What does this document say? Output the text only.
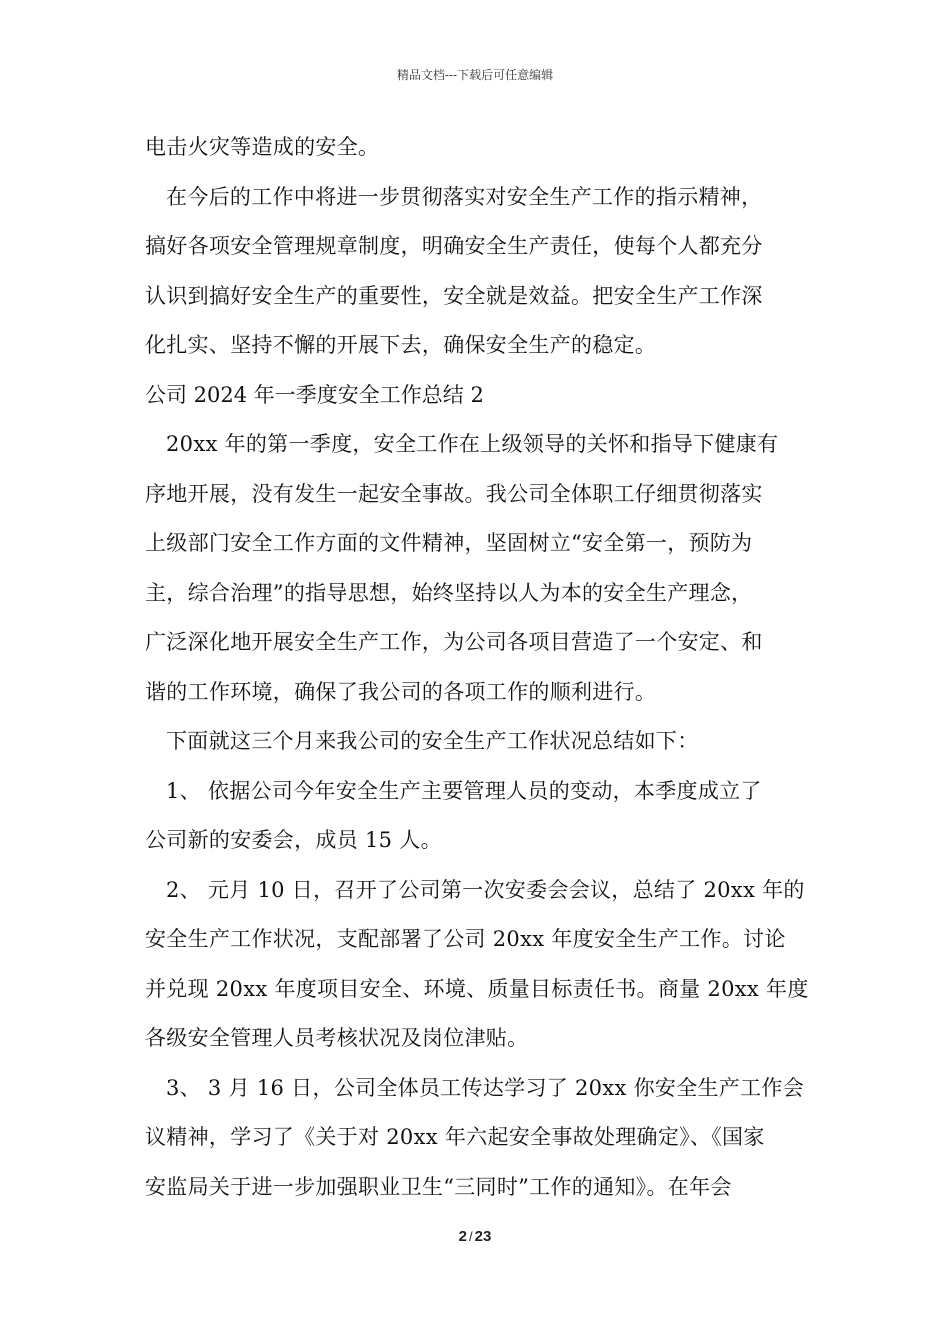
精品文档---下载后可任意编辑
电击火灾等造成的安全。
在今后的工作中将进一步贯彻落实对安全生产工作的指示精神，
搞好各项安全管理规章制度，明确安全生产责任，使每个人都充分
认识到搞好安全生产的重要性，安全就是效益。把安全生产工作深
化扎实、坚持不懈的开展下去，确保安全生产的稳定。
公司 2024 年一季度安全工作总结 2
20xx 年的第一季度，安全工作在上级领导的关怀和指导下健康有
序地开展，没有发生一起安全事故。我公司全体职工仔细贯彻落实
上级部门安全工作方面的文件精神，坚固树立“安全第一，预防为
主，综合治理”的指导思想，始终坚持以人为本的安全生产理念，
广泛深化地开展安全生产工作，为公司各项目营造了一个安定、和
谐的工作环境，确保了我公司的各项工作的顺利进行。
下面就这三个月来我公司的安全生产工作状况总结如下：
1、 依据公司今年安全生产主要管理人员的变动，本季度成立了
公司新的安委会，成员 15 人。
2、 元月 10 日，召开了公司第一次安委会会议，总结了 20xx 年的
安全生产工作状况，支配部署了公司 20xx 年度安全生产工作。讨论
并兑现 20xx 年度项目安全、环境、质量目标责任书。商量 20xx 年度
各级安全管理人员考核状况及岗位津贴。
3、 3 月 16 日，公司全体员工传达学习了 20xx 你安全生产工作会
议精神，学习了《关于对 20xx 年六起安全事故处理确定》、《国家
安监局关于进一步加强职业卫生“三同时”工作的通知》。在年会
2 / 23
